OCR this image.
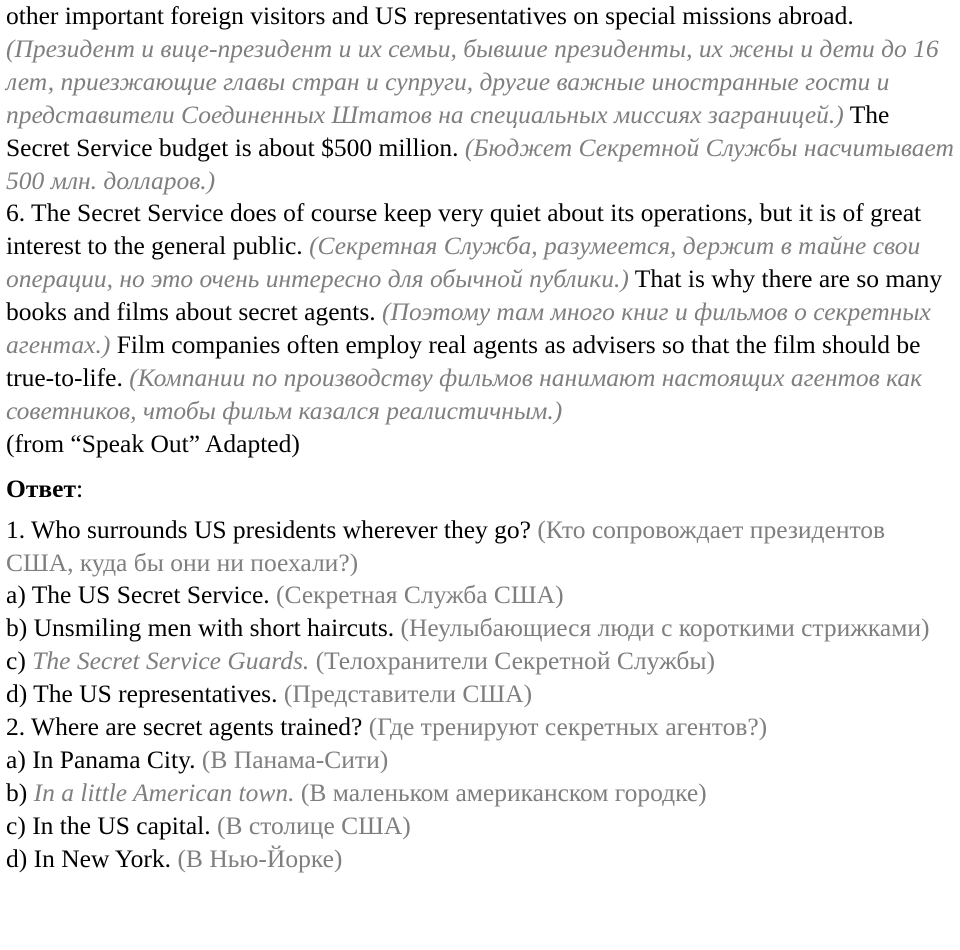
other important foreign visitors and US representatives on special missions abroad.
(Президент и вице-президент и их семьи, бывшие президенты, их жены и дети до 16 лет, приезжающие главы стран и супруги, другие важные иностранные гости и представители Соединенных Штатов на специальных миссиях заграницей.) The Secret Service budget is about $500 million. (Бюджет Секретной Службы насчитывает 500 млн. долларов.)

6. The Secret Service does of course keep very quiet about its operations, but it is of great interest to the general public. (Секретная Служба, разумеется, держит в тайне свои операции, но это очень интересно для обычной публики.) That is why there are so many books and films about secret agents. (Поэтому там много книг и фильмов о секретных агентах.) Film companies often employ real agents as advisers so that the film should be true-to-life. (Компании по производству фильмов нанимают настоящих агентов как советников, чтобы фильм казался реалистичным.)

(from “Speak Out” Adapted)

Ответ:

1. Who surrounds US presidents wherever they go? (Кто сопровождает президентов США, куда бы они ни поехали?)

a) The US Secret Service. (Секретная Служба США)

b) Unsmiling men with short haircuts. (Неулыбающиеся люди с короткими стрижками)

c) The Secret Service Guards. (Телохранители Секретной Службы)

d) The US representatives. (Представители США)

2. Where are secret agents trained? (Где тренируют секретных агентов?)

a) In Panama City. (В Панама-Сити)

b) In a little American town. (В маленьком американском городке)

c) In the US capital. (В столице США)

d) In New York. (В Нью-Йорке)
